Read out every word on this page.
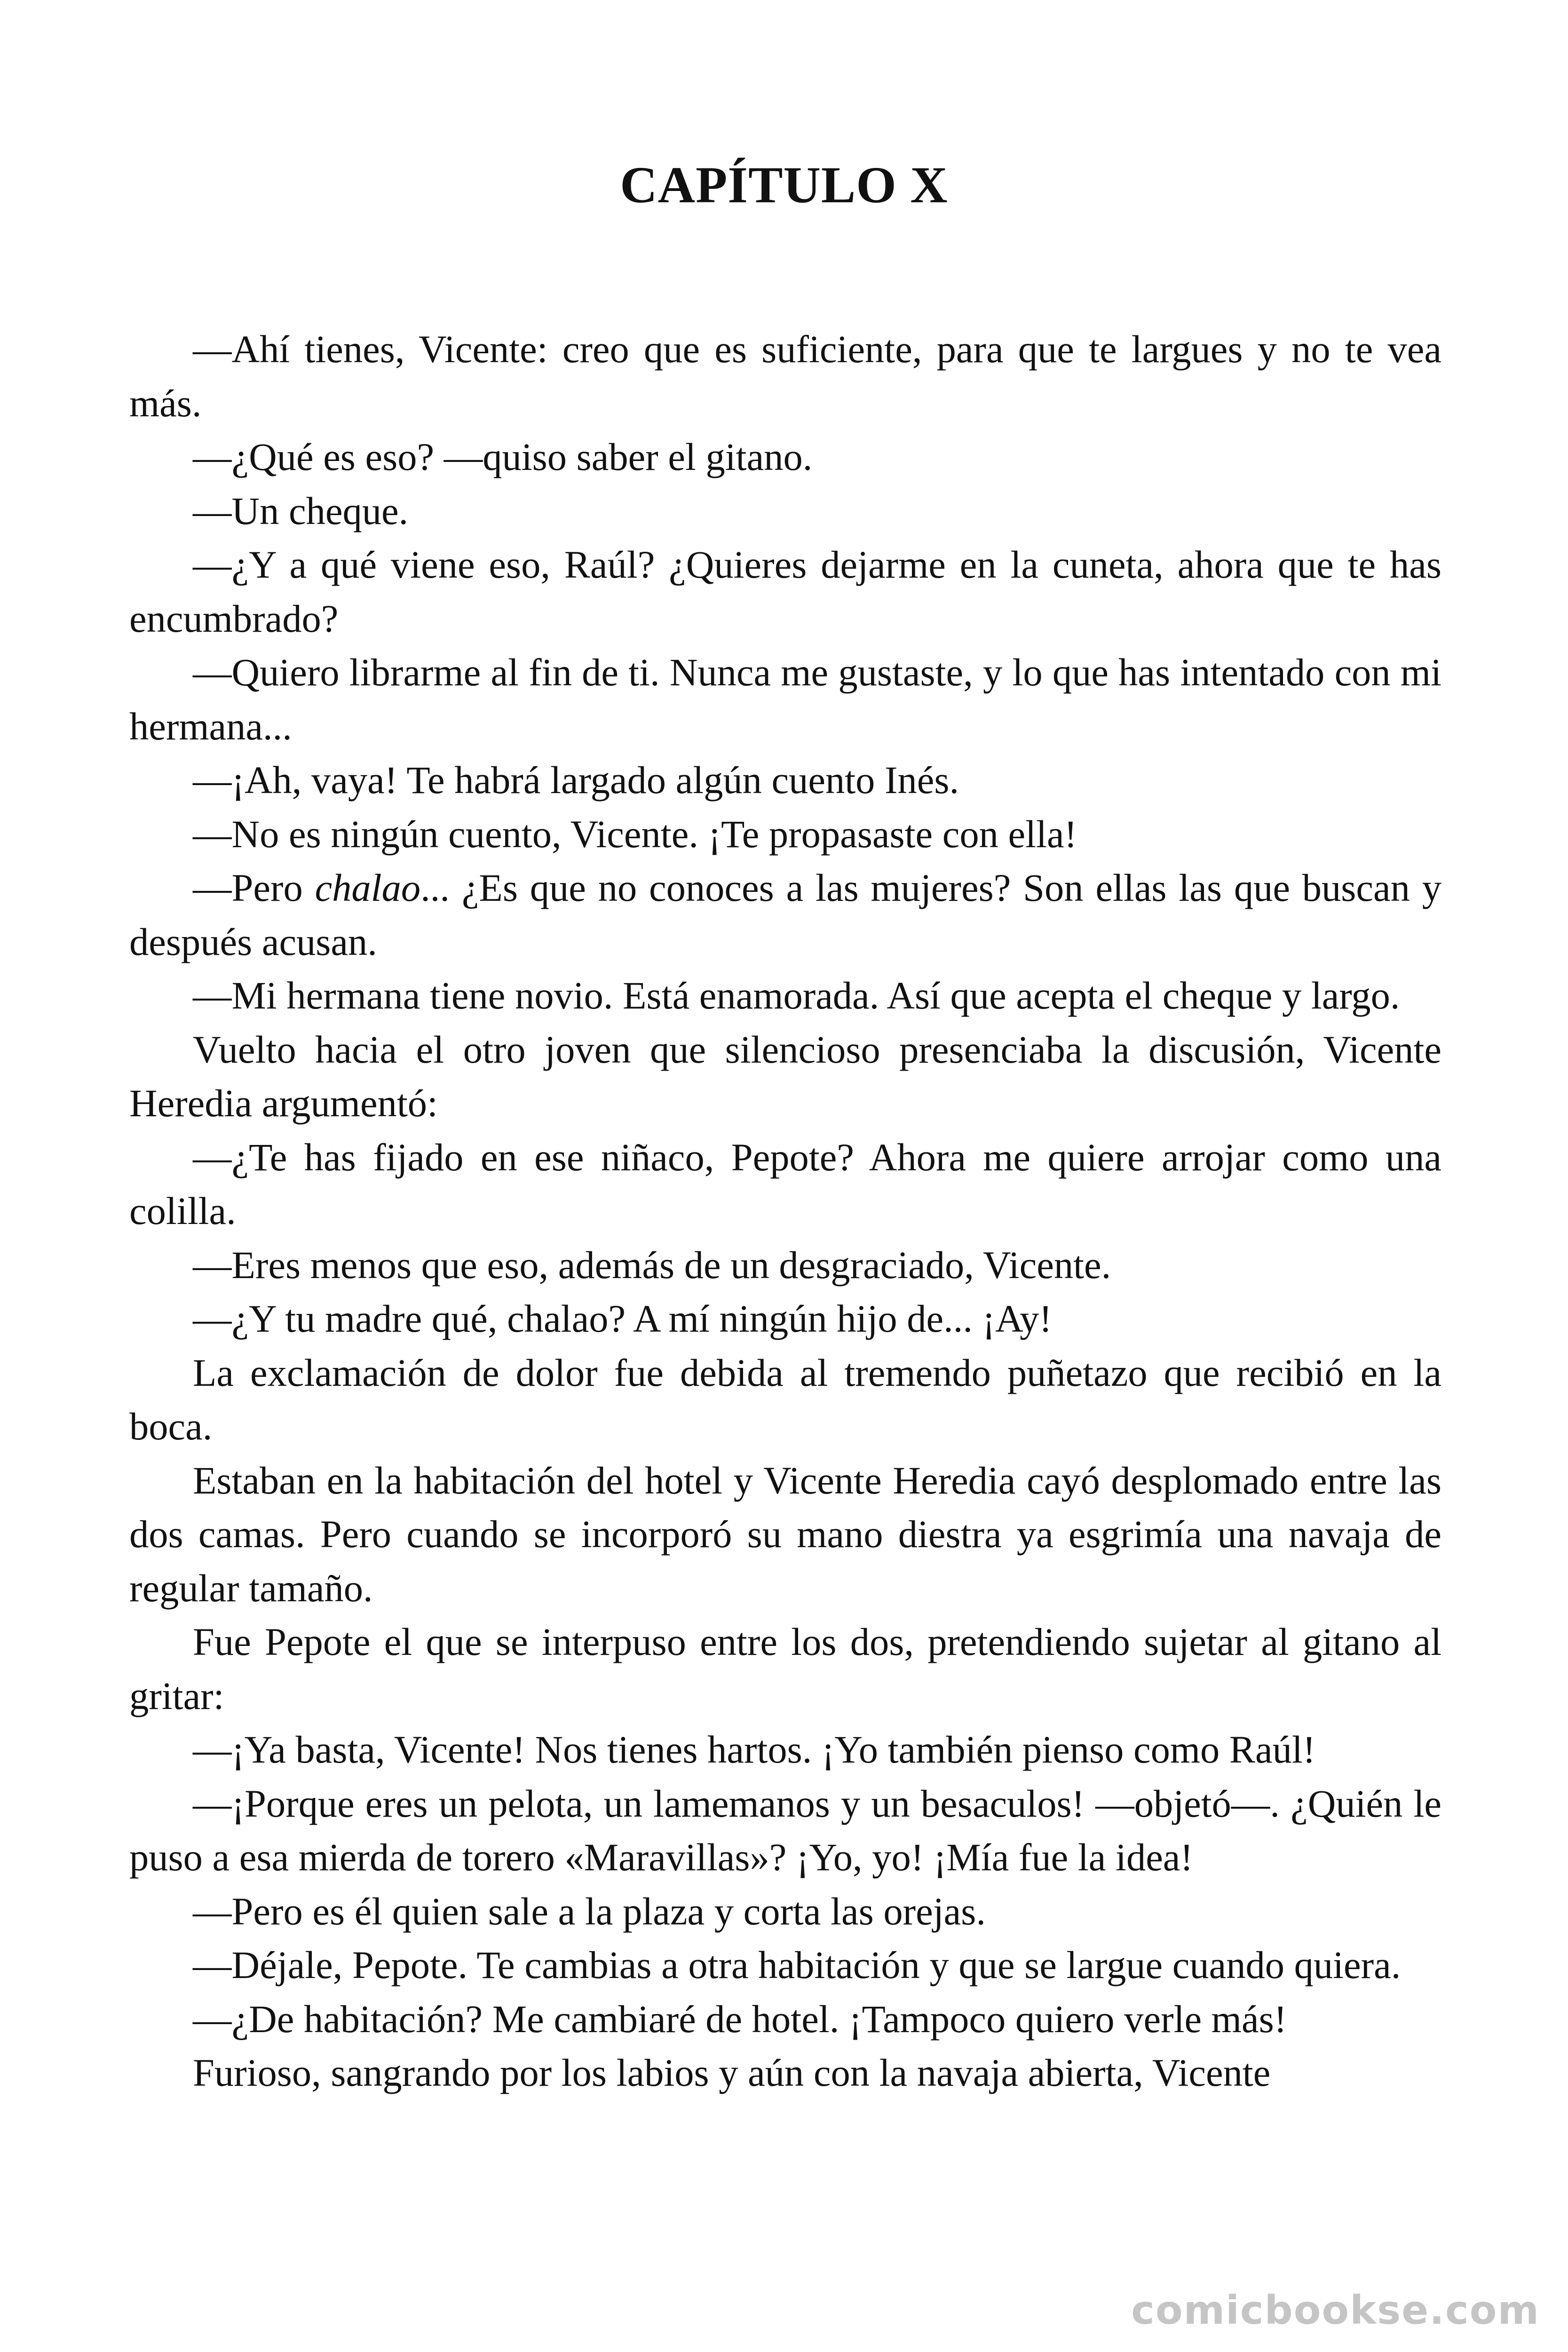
CAPÍTULO X

—Ahí tienes, Vicente: creo que es suficiente, para que te largues y no te vea más.

—¿Qué es eso? —quiso saber el gitano.

—Un cheque.

—¿Y a qué viene eso, Raúl? ¿Quieres dejarme en la cuneta, ahora que te has encumbrado?

—Quiero librarme al fin de ti. Nunca me gustaste, y lo que has intentado con mi hermana...

—¡Ah, vaya! Te habrá largado algún cuento Inés.

—No es ningún cuento, Vicente. ¡Te propasaste con ella!

—Pero chalao... ¿Es que no conoces a las mujeres? Son ellas las que buscan y después acusan.

—Mi hermana tiene novio. Está enamorada. Así que acepta el cheque y largo.

Vuelto hacia el otro joven que silencioso presenciaba la discusión, Vicente Heredia argumentó:

—¿Te has fijado en ese niñaco, Pepote? Ahora me quiere arrojar como una colilla.

—Eres menos que eso, además de un desgraciado, Vicente.

—¿Y tu madre qué, chalao? A mí ningún hijo de... ¡Ay!

La exclamación de dolor fue debida al tremendo puñetazo que recibió en la boca.

Estaban en la habitación del hotel y Vicente Heredia cayó desplomado entre las dos camas. Pero cuando se incorporó su mano diestra ya esgrimía una navaja de regular tamaño.

Fue Pepote el que se interpuso entre los dos, pretendiendo sujetar al gitano al gritar:

—¡Ya basta, Vicente! Nos tienes hartos. ¡Yo también pienso como Raúl!

—¡Porque eres un pelota, un lamemanos y un besaculos! —objetó—. ¿Quién le puso a esa mierda de torero «Maravillas»? ¡Yo, yo! ¡Mía fue la idea!

—Pero es él quien sale a la plaza y corta las orejas.

—Déjale, Pepote. Te cambias a otra habitación y que se largue cuando quiera.

—¿De habitación? Me cambiaré de hotel. ¡Tampoco quiero verle más!

Furioso, sangrando por los labios y aún con la navaja abierta, Vicente

comicbookse.com
